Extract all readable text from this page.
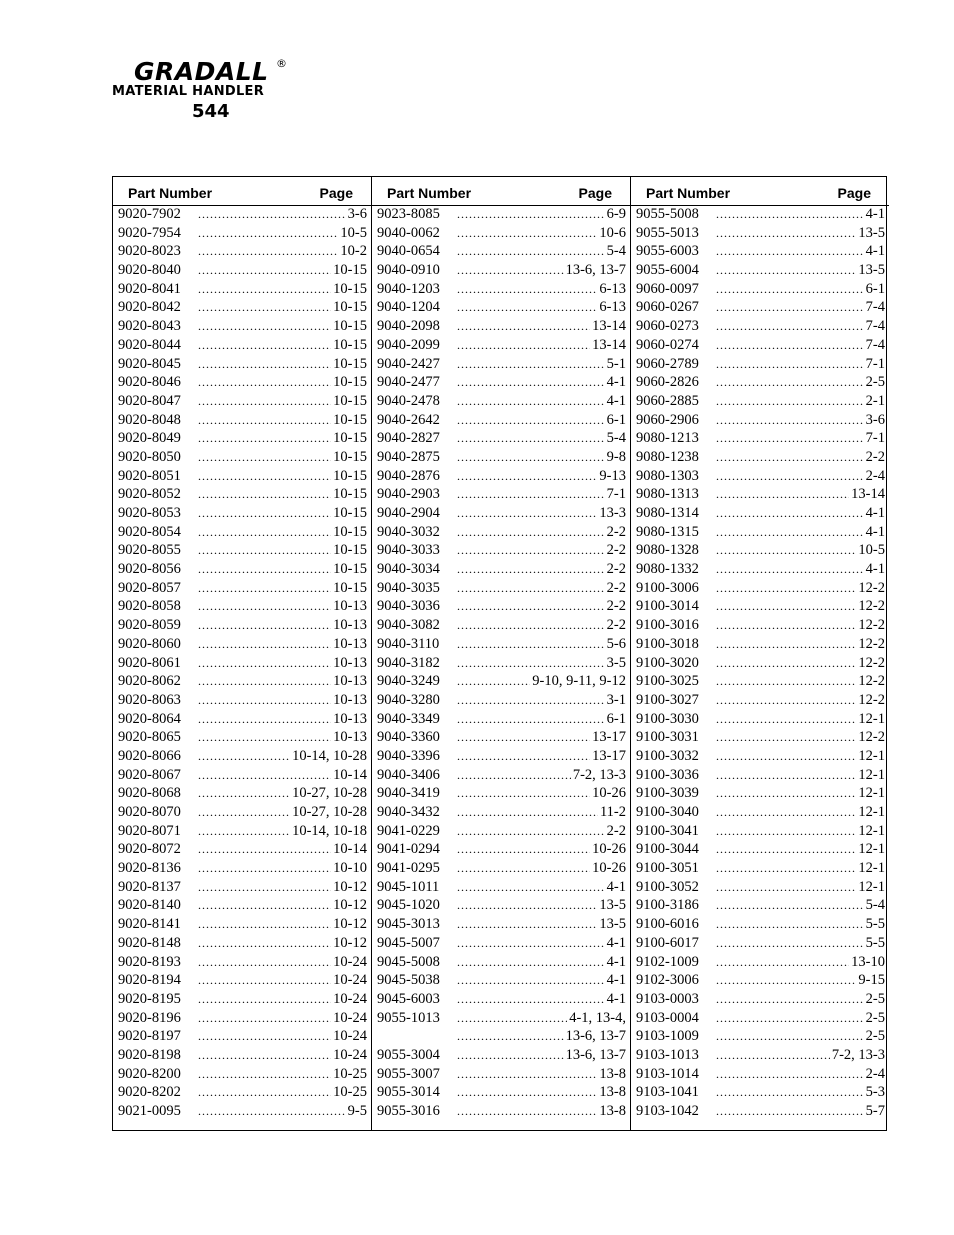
GRADALL ®
MATERIAL HANDLER
544
Part Number	Page
9020-7902 .....	3-6
9020-7954 .....	10-5
9020-8023 .....	10-2
9020-8040 .....	10-15
9020-8041 .....	10-15
9020-8042 .....	10-15
9020-8043 .....	10-15
9020-8044 .....	10-15
9020-8045 .....	10-15
9020-8046 .....	10-15
9020-8047 .....	10-15
9020-8048 .....	10-15
9020-8049 .....	10-15
9020-8050 .....	10-15
9020-8051 .....	10-15
9020-8052 .....	10-15
9020-8053 .....	10-15
9020-8054 .....	10-15
9020-8055 .....	10-15
9020-8056 .....	10-15
9020-8057 .....	10-15
9020-8058 .....	10-13
9020-8059 .....	10-13
9020-8060 .....	10-13
9020-8061 .....	10-13
9020-8062 .....	10-13
9020-8063 .....	10-13
9020-8064 .....	10-13
9020-8065 .....	10-13
9020-8066 .....	10-14, 10-28
9020-8067 .....	10-14
9020-8068 .....	10-27, 10-28
9020-8070 .....	10-27, 10-28
9020-8071 .....	10-14, 10-18
9020-8072 .....	10-14
9020-8136 .....	10-10
9020-8137 .....	10-12
9020-8140 .....	10-12
9020-8141 .....	10-12
9020-8148 .....	10-12
9020-8193 .....	10-24
9020-8194 .....	10-24
9020-8195 .....	10-24
9020-8196 .....	10-24
9020-8197 .....	10-24
9020-8198 .....	10-24
9020-8200 .....	10-25
9020-8202 .....	10-25
9021-0095 .....	9-5
Part Number	Page
9023-8085 .....	6-9
9040-0062 .....	10-6
9040-0654 .....	5-4
9040-0910 .....	13-6, 13-7
9040-1203 .....	6-13
9040-1204 .....	6-13
9040-2098 .....	13-14
9040-2099 .....	13-14
9040-2427 .....	5-1
9040-2477 .....	4-1
9040-2478 .....	4-1
9040-2642 .....	6-1
9040-2827 .....	5-4
9040-2875 .....	9-8
9040-2876 .....	9-13
9040-2903 .....	7-1
9040-2904 .....	13-3
9040-3032 .....	2-2
9040-3033 .....	2-2
9040-3034 .....	2-2
9040-3035 .....	2-2
9040-3036 .....	2-2
9040-3082 .....	2-2
9040-3110 .....	5-6
9040-3182 .....	3-5
9040-3249 .....	9-10, 9-11, 9-12
9040-3280 .....	3-1
9040-3349 .....	6-1
9040-3360 .....	13-17
9040-3396 .....	13-17
9040-3406 .....	7-2, 13-3
9040-3419 .....	10-26
9040-3432 .....	11-2
9041-0229 .....	2-2
9041-0294 .....	10-26
9041-0295 .....	10-26
9045-1011 .....	4-1
9045-1020 .....	13-5
9045-3013 .....	13-5
9045-5007 .....	4-1
9045-5008 .....	4-1
9045-5038 .....	4-1
9045-6003 .....	4-1
9055-1013 .....	4-1, 13-4,
.....
13-6, 13-7
9055-3004 .....	13-6, 13-7
9055-3007 .....	13-8
9055-3014 .....	13-8
9055-3016 .....	13-8
Part Number	Page
9055-5008 .....	4-1
9055-5013 .....	13-5
9055-6003 .....	4-1
9055-6004 .....	13-5
9060-0097 .....	6-1
9060-0267 .....	7-4
9060-0273 .....	7-4
9060-0274 .....	7-4
9060-2789 .....	7-1
9060-2826 .....	2-5
9060-2885 .....	2-1
9060-2906 .....	3-6
9080-1213 .....	7-1
9080-1238 .....	2-2
9080-1303 .....	2-4
9080-1313 .....	13-14
9080-1314 .....	4-1
9080-1315 .....	4-1
9080-1328 .....	10-5
9080-1332 .....	4-1
9100-3006 .....	12-2
9100-3014 .....	12-2
9100-3016 .....	12-2
9100-3018 .....	12-2
9100-3020 .....	12-2
9100-3025 .....	12-2
9100-3027 .....	12-2
9100-3030 .....	12-1
9100-3031 .....	12-2
9100-3032 .....	12-1
9100-3036 .....	12-1
9100-3039 .....	12-1
9100-3040 .....	12-1
9100-3041 .....	12-1
9100-3044 .....	12-1
9100-3051 .....	12-1
9100-3052 .....	12-1
9100-3186 .....	5-4
9100-6016 .....	5-5
9100-6017 .....	5-5
9102-1009 .....	13-10
9102-3006 .....	9-15
9103-0003 .....	2-5
9103-0004 .....	2-5
9103-1009 .....	2-5
9103-1013 .....	7-2, 13-3
9103-1014 .....	2-4
9103-1041 .....	5-3
9103-1042 .....	5-7
